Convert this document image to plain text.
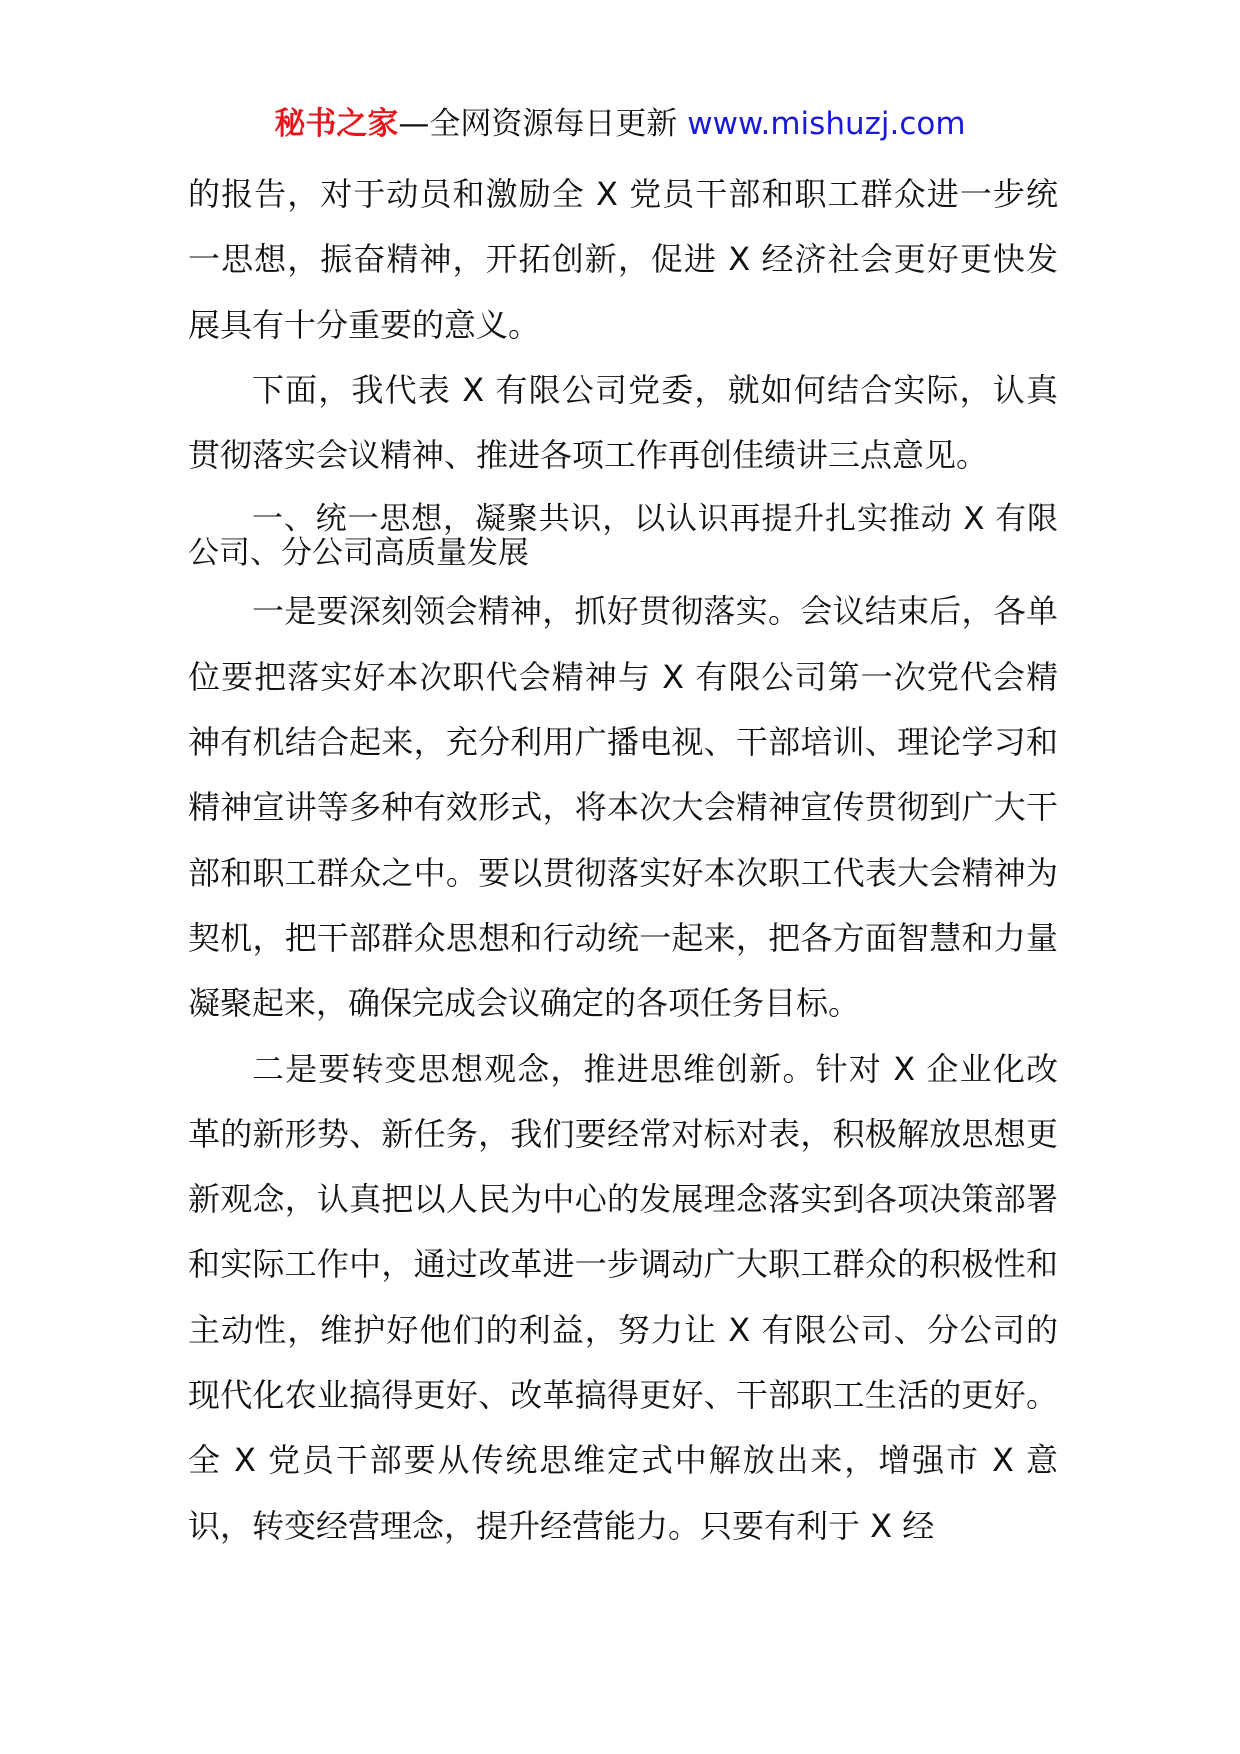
秘书之家—全网资源每日更新 www.mishuzj.com

的报告，对于动员和激励全 X 党员干部和职工群众进一步统一思想，振奋精神，开拓创新，促进 X 经济社会更好更快发展具有十分重要的意义。

下面，我代表 X 有限公司党委，就如何结合实际，认真贯彻落实会议精神、推进各项工作再创佳绩讲三点意见。

一、统一思想，凝聚共识，以认识再提升扎实推动 X 有限公司、分公司高质量发展

一是要深刻领会精神，抓好贯彻落实。会议结束后，各单位要把落实好本次职代会精神与 X 有限公司第一次党代会精神有机结合起来，充分利用广播电视、干部培训、理论学习和精神宣讲等多种有效形式，将本次大会精神宣传贯彻到广大干部和职工群众之中。要以贯彻落实好本次职工代表大会精神为契机，把干部群众思想和行动统一起来，把各方面智慧和力量凝聚起来，确保完成会议确定的各项任务目标。

二是要转变思想观念，推进思维创新。针对 X 企业化改革的新形势、新任务，我们要经常对标对表，积极解放思想更新观念，认真把以人民为中心的发展理念落实到各项决策部署和实际工作中，通过改革进一步调动广大职工群众的积极性和主动性，维护好他们的利益，努力让 X 有限公司、分公司的现代化农业搞得更好、改革搞得更好、干部职工生活的更好。全 X 党员干部要从传统思维定式中解放出来，增强市 X 意识，转变经营理念，提升经营能力。只要有利于 X 经
